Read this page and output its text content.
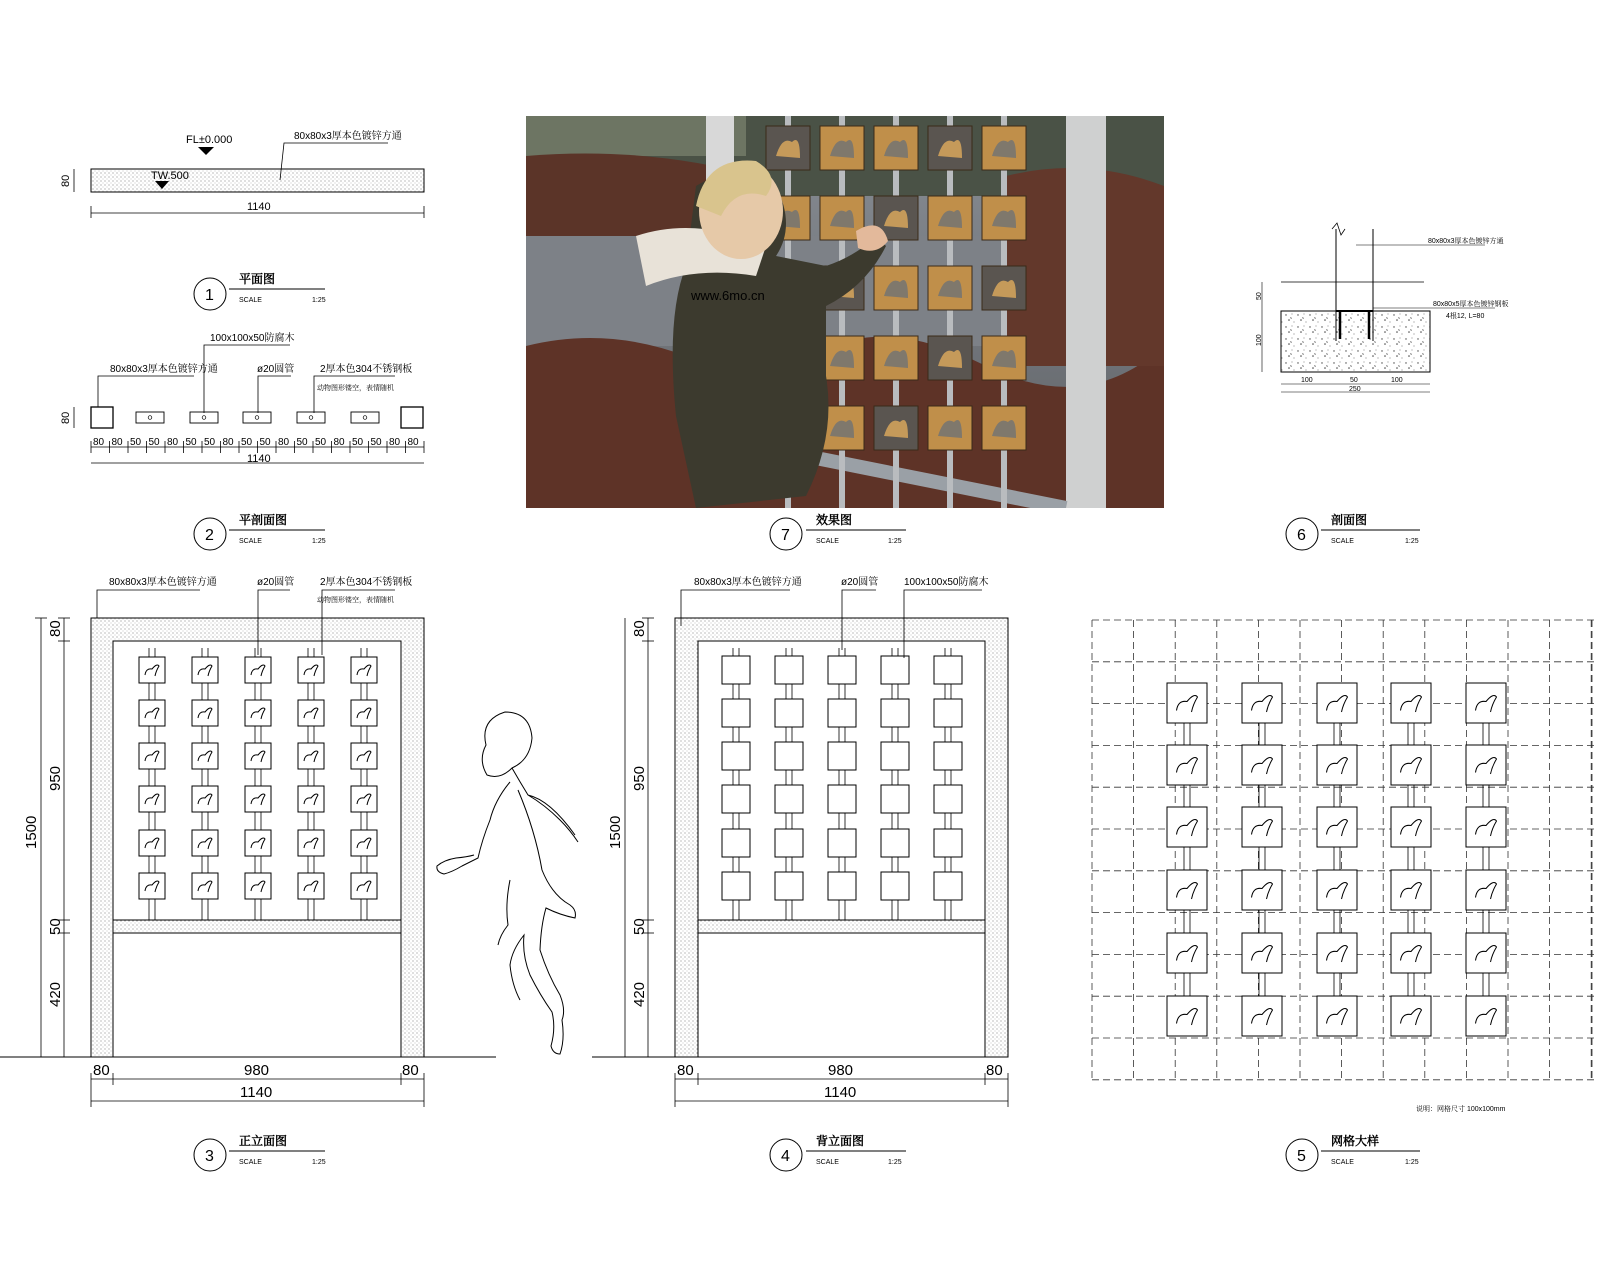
FL±0.000
TW.500
80x80x3厚本色镀锌方通
1140
80
1
平面图
SCALE	1:25
80x80x3厚本色镀锌方通
100x100x50防腐木
ø20圆管	2厚本色304不锈钢板
动物图形镂空，表情随机
80
80 80 50 50 80 50 50 80 50 50 80 50 50 80 50 50 80 80
1140
2
平剖面图
SCALE	1:25
www.6mo.cn
7
效果图
SCALE	1:25
80x80x3厚本色镀锌方通
80x80x5厚本色镀锌钢板
4根12, L=80
50
100
100	50	100
250
6
剖面图
SCALE	1:25
80x80x3厚本色镀锌方通	ø20圆管	2厚本色304不锈钢板
动物图形镂空，表情随机
80
950
50
420
1500
80	980	80
1140
3
正立面图
SCALE	1:25
80x80x3厚本色镀锌方通	ø20圆管	100x100x50防腐木
80
950
50
420
1500
80	980	80
1140
4
背立面图
SCALE	1:25
说明：网格尺寸 100x100mm
5
网格大样
SCALE	1:25
